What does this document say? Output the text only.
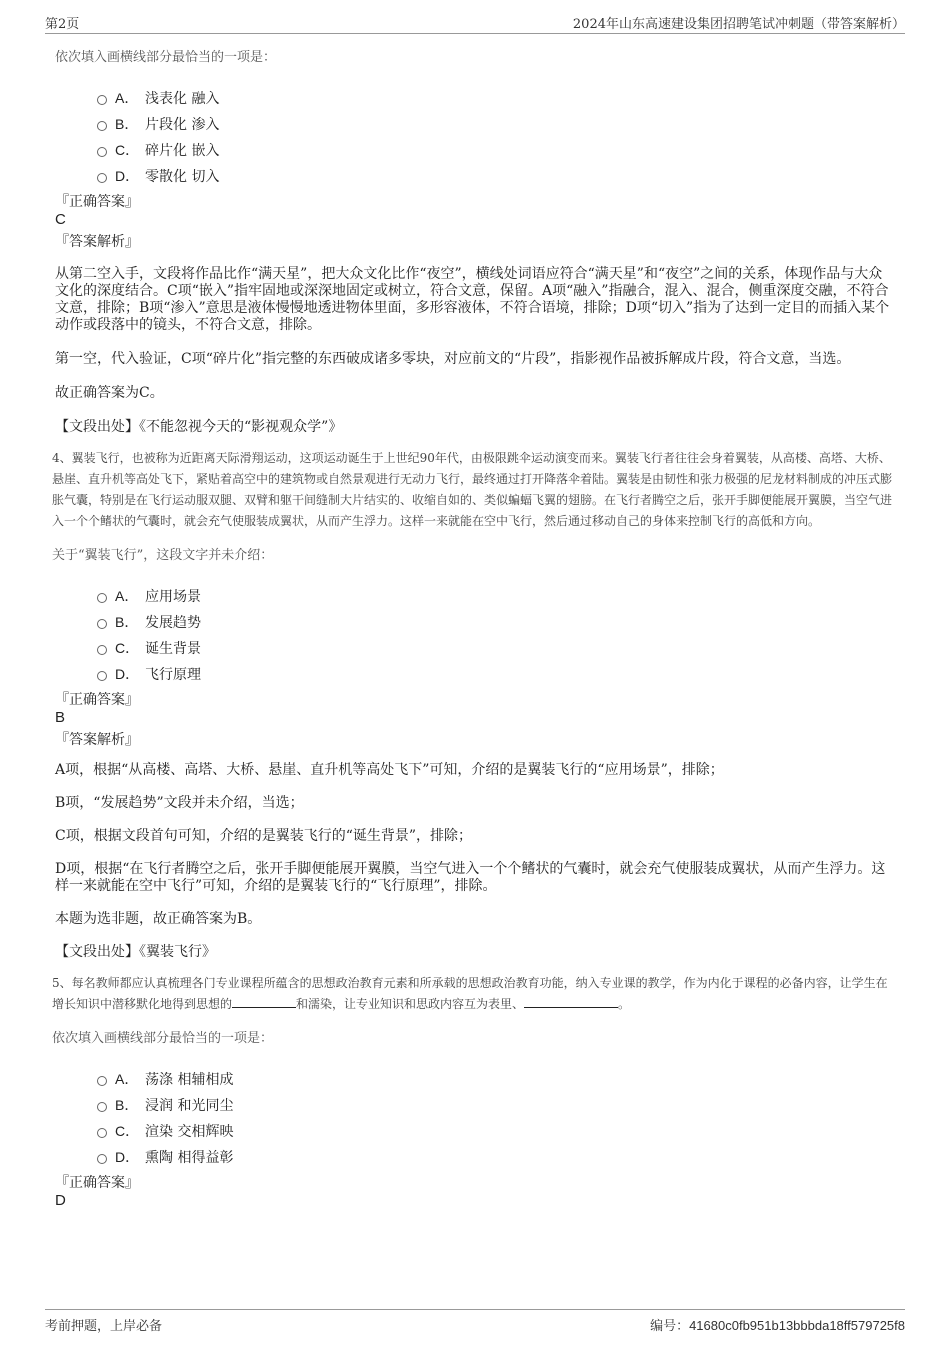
第2页	2024年山东高速建设集团招聘笔试冲刺题（带答案解析）

依次填入画横线部分最恰当的一项是：

A． 浅表化 融入
B． 片段化 渗入
C． 碎片化 嵌入
D． 零散化 切入
『正确答案』
C
『答案解析』

从第二空入手，文段将作品比作“满天星”，把大众文化比作“夜空”，横线处词语应符合“满天星”和“夜空”之间的关系，体现作品与大众文化的深度结合。C项“嵌入”指牢固地或深深地固定或树立，符合文意，保留。A项“融入”指融合，混入、混合，侧重深度交融，不符合文意，排除；B项“渗入”意思是液体慢慢地透进物体里面，多形容液体，不符合语境，排除；D项“切入”指为了达到一定目的而插入某个动作或段落中的镜头，不符合文意，排除。

第一空，代入验证，C项“碎片化”指完整的东西破成诸多零块，对应前文的“片段”，指影视作品被拆解成片段，符合文意，当选。

故正确答案为C。

【文段出处】《不能忽视今天的“影视观众学”》

4、翼装飞行，也被称为近距离天际滑翔运动，这项运动诞生于上世纪90年代，由极限跳伞运动演变而来。翼装飞行者往往会身着翼装，从高楼、高塔、大桥、悬崖、直升机等高处飞下，紧贴着高空中的建筑物或自然景观进行无动力飞行，最终通过打开降落伞着陆。翼装是由韧性和张力极强的尼龙材料制成的冲压式膨胀气囊，特别是在飞行运动服双腿、双臂和躯干间缝制大片结实的、收缩自如的、类似蝙蝠飞翼的翅膀。在飞行者腾空之后，张开手脚便能展开翼膜，当空气进入一个个鳍状的气囊时，就会充气使服装成翼状，从而产生浮力。这样一来就能在空中飞行，然后通过移动自己的身体来控制飞行的高低和方向。

关于“翼装飞行”，这段文字并未介绍：

A． 应用场景
B． 发展趋势
C． 诞生背景
D． 飞行原理
『正确答案』
B
『答案解析』

A项，根据“从高楼、高塔、大桥、悬崖、直升机等高处飞下”可知，介绍的是翼装飞行的“应用场景”，排除；

B项，“发展趋势”文段并未介绍，当选；

C项，根据文段首句可知，介绍的是翼装飞行的“诞生背景”，排除；

D项，根据“在飞行者腾空之后，张开手脚便能展开翼膜，当空气进入一个个鳍状的气囊时，就会充气使服装成翼状，从而产生浮力。这样一来就能在空中飞行”可知，介绍的是翼装飞行的“飞行原理”，排除。

本题为选非题，故正确答案为B。

【文段出处】《翼装飞行》

5、每名教师都应认真梳理各门专业课程所蕴含的思想政治教育元素和所承载的思想政治教育功能，纳入专业课的教学，作为内化于课程的必备内容，让学生在增长知识中潜移默化地得到思想的	和濡染，让专业知识和思政内容互为表里、	。

依次填入画横线部分最恰当的一项是：

A． 荡涤 相辅相成
B． 浸润 和光同尘
C． 渲染 交相辉映
D． 熏陶 相得益彰
『正确答案』
D
考前押题，上岸必备	编号：41680c0fb951b13bbbda18ff579725f8
